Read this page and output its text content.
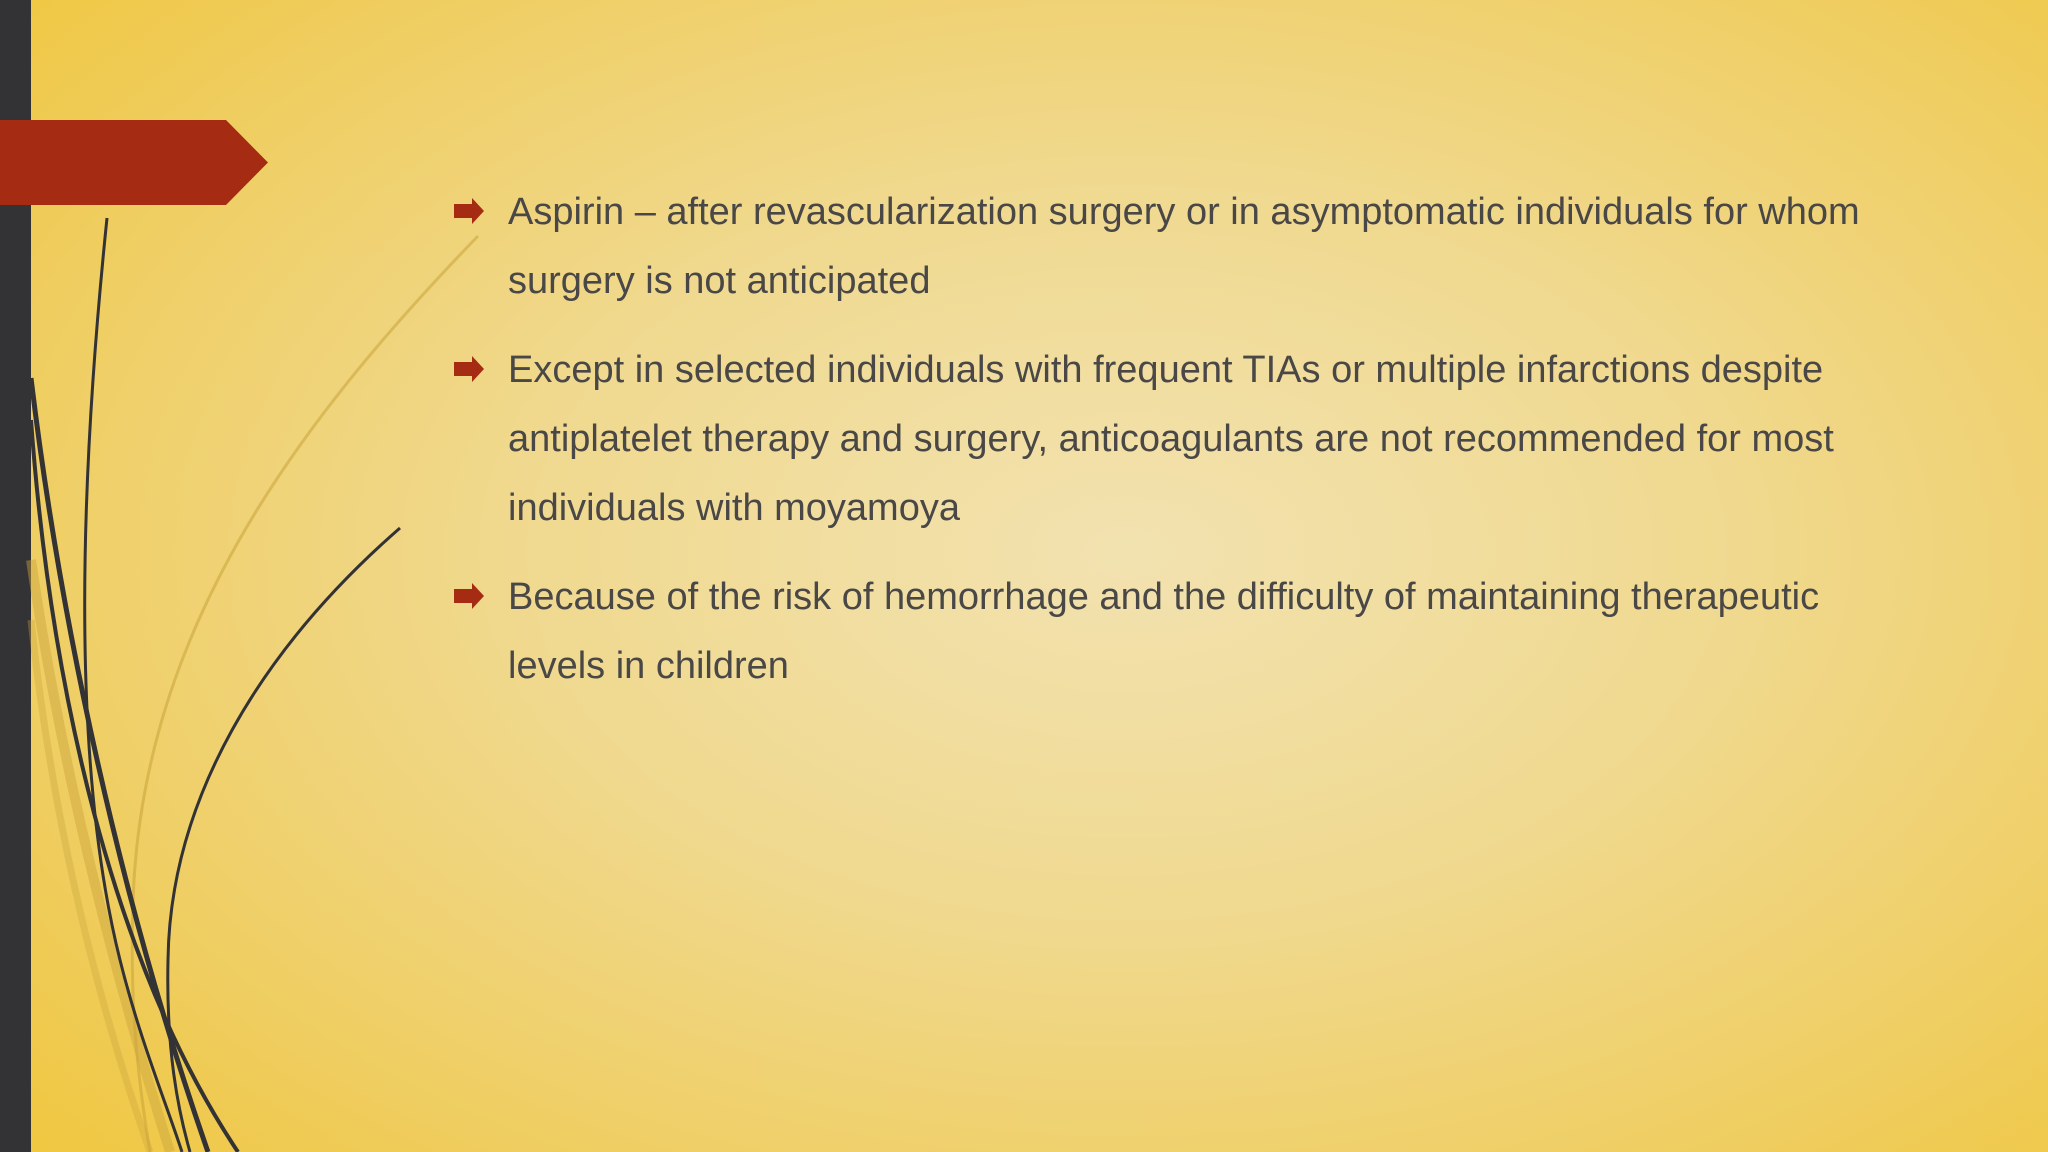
Aspirin – after revascularization surgery or in asymptomatic individuals for whom surgery is not anticipated
Except in selected individuals with frequent TIAs or multiple infarctions despite antiplatelet therapy and surgery, anticoagulants are not recommended for most individuals with moyamoya
Because of the risk of hemorrhage and the difficulty of maintaining therapeutic levels in children
